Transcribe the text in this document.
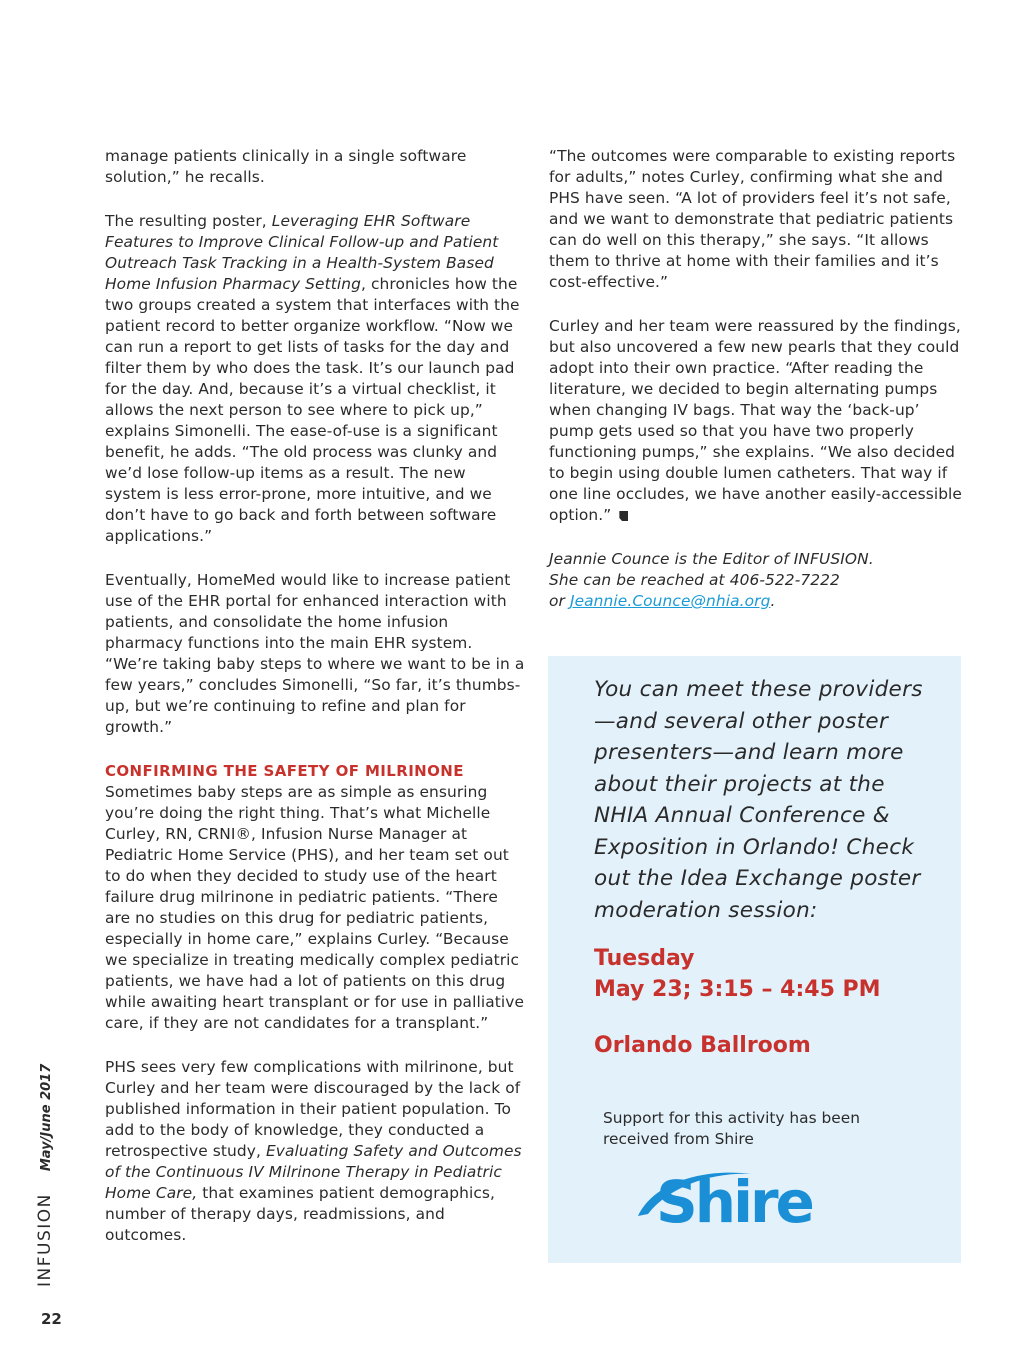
manage patients clinically in a single software solution,” he recalls.

The resulting poster, Leveraging EHR Software Features to Improve Clinical Follow-up and Patient Outreach Task Tracking in a Health-System Based Home Infusion Pharmacy Setting, chronicles how the two groups created a system that interfaces with the patient record to better organize workflow. “Now we can run a report to get lists of tasks for the day and filter them by who does the task. It’s our launch pad for the day. And, because it’s a virtual checklist, it allows the next person to see where to pick up,” explains Simonelli. The ease-of-use is a significant benefit, he adds. “The old process was clunky and we’d lose follow-up items as a result. The new system is less error-prone, more intuitive, and we don’t have to go back and forth between software applications.”

Eventually, HomeMed would like to increase patient use of the EHR portal for enhanced interaction with patients, and consolidate the home infusion pharmacy functions into the main EHR system. “We’re taking baby steps to where we want to be in a few years,” concludes Simonelli, “So far, it’s thumbs-up, but we’re continuing to refine and plan for growth.”

CONFIRMING THE SAFETY OF MILRINONE
Sometimes baby steps are as simple as ensuring you’re doing the right thing. That’s what Michelle Curley, RN, CRNI®, Infusion Nurse Manager at Pediatric Home Service (PHS), and her team set out to do when they decided to study use of the heart failure drug milrinone in pediatric patients. “There are no studies on this drug for pediatric patients, especially in home care,” explains Curley. “Because we specialize in treating medically complex pediatric patients, we have had a lot of patients on this drug while awaiting heart transplant or for use in palliative care, if they are not candidates for a transplant.”

PHS sees very few complications with milrinone, but Curley and her team were discouraged by the lack of published information in their patient population. To add to the body of knowledge, they conducted a retrospective study, Evaluating Safety and Outcomes of the Continuous IV Milrinone Therapy in Pediatric Home Care, that examines patient demographics, number of therapy days, readmissions, and outcomes.

“The outcomes were comparable to existing reports for adults,” notes Curley, confirming what she and PHS have seen. “A lot of providers feel it’s not safe, and we want to demonstrate that pediatric patients can do well on this therapy,” she says. “It allows them to thrive at home with their families and it’s cost-effective.”

Curley and her team were reassured by the findings, but also uncovered a few new pearls that they could adopt into their own practice. “After reading the literature, we decided to begin alternating pumps when changing IV bags. That way the ‘back-up’ pump gets used so that you have two properly functioning pumps,” she explains. “We also decided to begin using double lumen catheters. That way if one line occludes, we have another easily-accessible option.”

Jeannie Counce is the Editor of INFUSION.
She can be reached at 406-522-7222
or Jeannie.Counce@nhia.org.

You can meet these providers—and several other poster presenters—and learn more about their projects at the NHIA Annual Conference & Exposition in Orlando! Check out the Idea Exchange poster moderation session:
Tuesday
May 23; 3:15 – 4:45 PM
Orlando Ballroom
Support for this activity has been received from Shire
Shire
INFUSIONMay/June 2017
22
